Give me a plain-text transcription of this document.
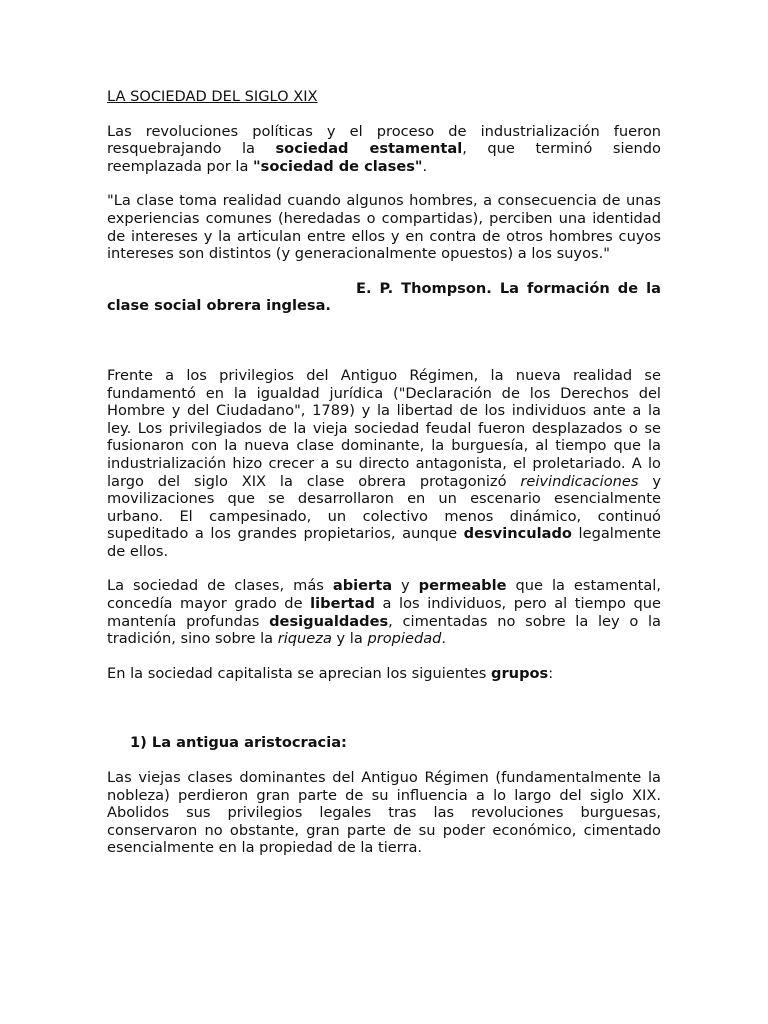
LA SOCIEDAD DEL SIGLO XIX

Las revoluciones políticas y el proceso de industrialización fueron resquebrajando la sociedad estamental, que terminó siendo reemplazada por la "sociedad de clases".

"La clase toma realidad cuando algunos hombres, a consecuencia de unas experiencias comunes (heredadas o compartidas), perciben una identidad de intereses y la articulan entre ellos y en contra de otros hombres cuyos intereses son distintos (y generacionalmente opuestos) a los suyos."

E. P. Thompson. La formación de la clase social obrera inglesa.

Frente a los privilegios del Antiguo Régimen, la nueva realidad se fundamentó en la igualdad jurídica ("Declaración de los Derechos del Hombre y del Ciudadano", 1789) y la libertad de los individuos ante a la ley. Los privilegiados de la vieja sociedad feudal fueron desplazados o se fusionaron con la nueva clase dominante, la burguesía, al tiempo que la industrialización hizo crecer a su directo antagonista, el proletariado. A lo largo del siglo XIX la clase obrera protagonizó reivindicaciones y movilizaciones que se desarrollaron en un escenario esencialmente urbano. El campesinado, un colectivo menos dinámico, continuó supeditado a los grandes propietarios, aunque desvinculado legalmente de ellos.

La sociedad de clases, más abierta y permeable que la estamental, concedía mayor grado de libertad a los individuos, pero al tiempo que mantenía profundas desigualdades, cimentadas no sobre la ley o la tradición, sino sobre la riqueza y la propiedad.

En la sociedad capitalista se aprecian los siguientes grupos:

1) La antigua aristocracia:

Las viejas clases dominantes del Antiguo Régimen (fundamentalmente la nobleza) perdieron gran parte de su influencia a lo largo del siglo XIX. Abolidos sus privilegios legales tras las revoluciones burguesas, conservaron no obstante, gran parte de su poder económico, cimentado esencialmente en la propiedad de la tierra.
